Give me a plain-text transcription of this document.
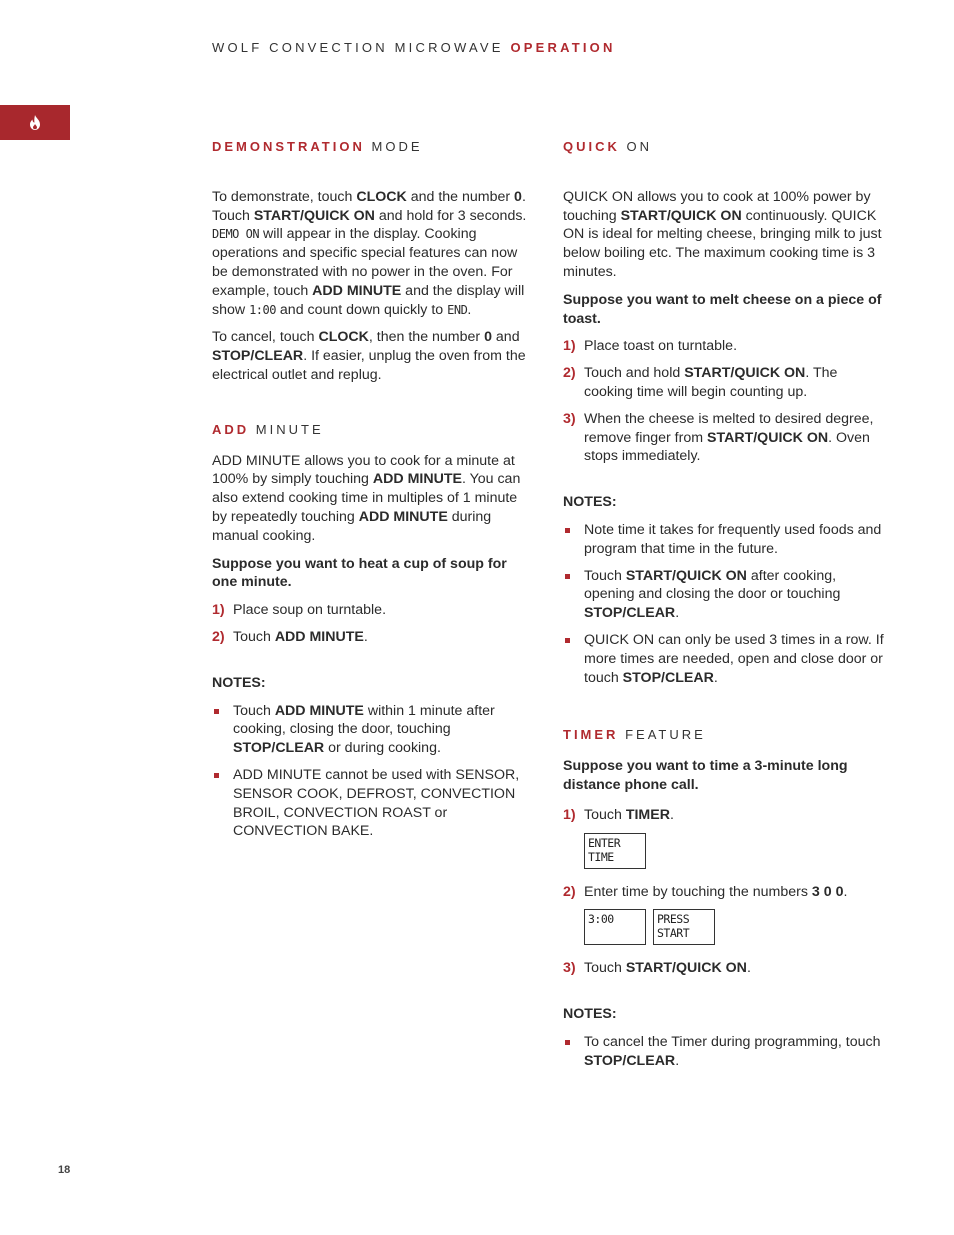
WOLF CONVECTION MICROWAVE OPERATION
DEMONSTRATION MODE

To demonstrate, touch CLOCK and the number 0. Touch START/QUICK ON and hold for 3 seconds. DEMO ON will appear in the display. Cooking operations and specific special features can now be demonstrated with no power in the oven. For example, touch ADD MINUTE and the display will show 1:00 and count down quickly to END.

To cancel, touch CLOCK, then the number 0 and STOP/CLEAR. If easier, unplug the oven from the electrical outlet and replug.

ADD MINUTE

ADD MINUTE allows you to cook for a minute at 100% by simply touching ADD MINUTE. You can also extend cooking time in multiples of 1 minute by repeatedly touching ADD MINUTE during manual cooking.

Suppose you want to heat a cup of soup for one minute.

1) Place soup on turntable.
2) Touch ADD MINUTE.

NOTES:

Touch ADD MINUTE within 1 minute after cooking, closing the door, touching STOP/CLEAR or during cooking.
ADD MINUTE cannot be used with SENSOR, SENSOR COOK, DEFROST, CONVECTION BROIL, CONVECTION ROAST or CONVECTION BAKE.
QUICK ON

QUICK ON allows you to cook at 100% power by touching START/QUICK ON continuously. QUICK ON is ideal for melting cheese, bringing milk to just below boiling etc. The maximum cooking time is 3 minutes.

Suppose you want to melt cheese on a piece of toast.

1) Place toast on turntable.
2) Touch and hold START/QUICK ON. The cooking time will begin counting up.
3) When the cheese is melted to desired degree, remove finger from START/QUICK ON. Oven stops immediately.

NOTES:

Note time it takes for frequently used foods and program that time in the future.
Touch START/QUICK ON after cooking, opening and closing the door or touching STOP/CLEAR.
QUICK ON can only be used 3 times in a row. If more times are needed, open and close door or touch STOP/CLEAR.
TIMER FEATURE

Suppose you want to time a 3-minute long distance phone call.

1) Touch TIMER.
ENTER
TIME
2) Enter time by touching the numbers 3 0 0.
3:00	PRESS
START
3) Touch START/QUICK ON.

NOTES:

To cancel the Timer during programming, touch STOP/CLEAR.
18
